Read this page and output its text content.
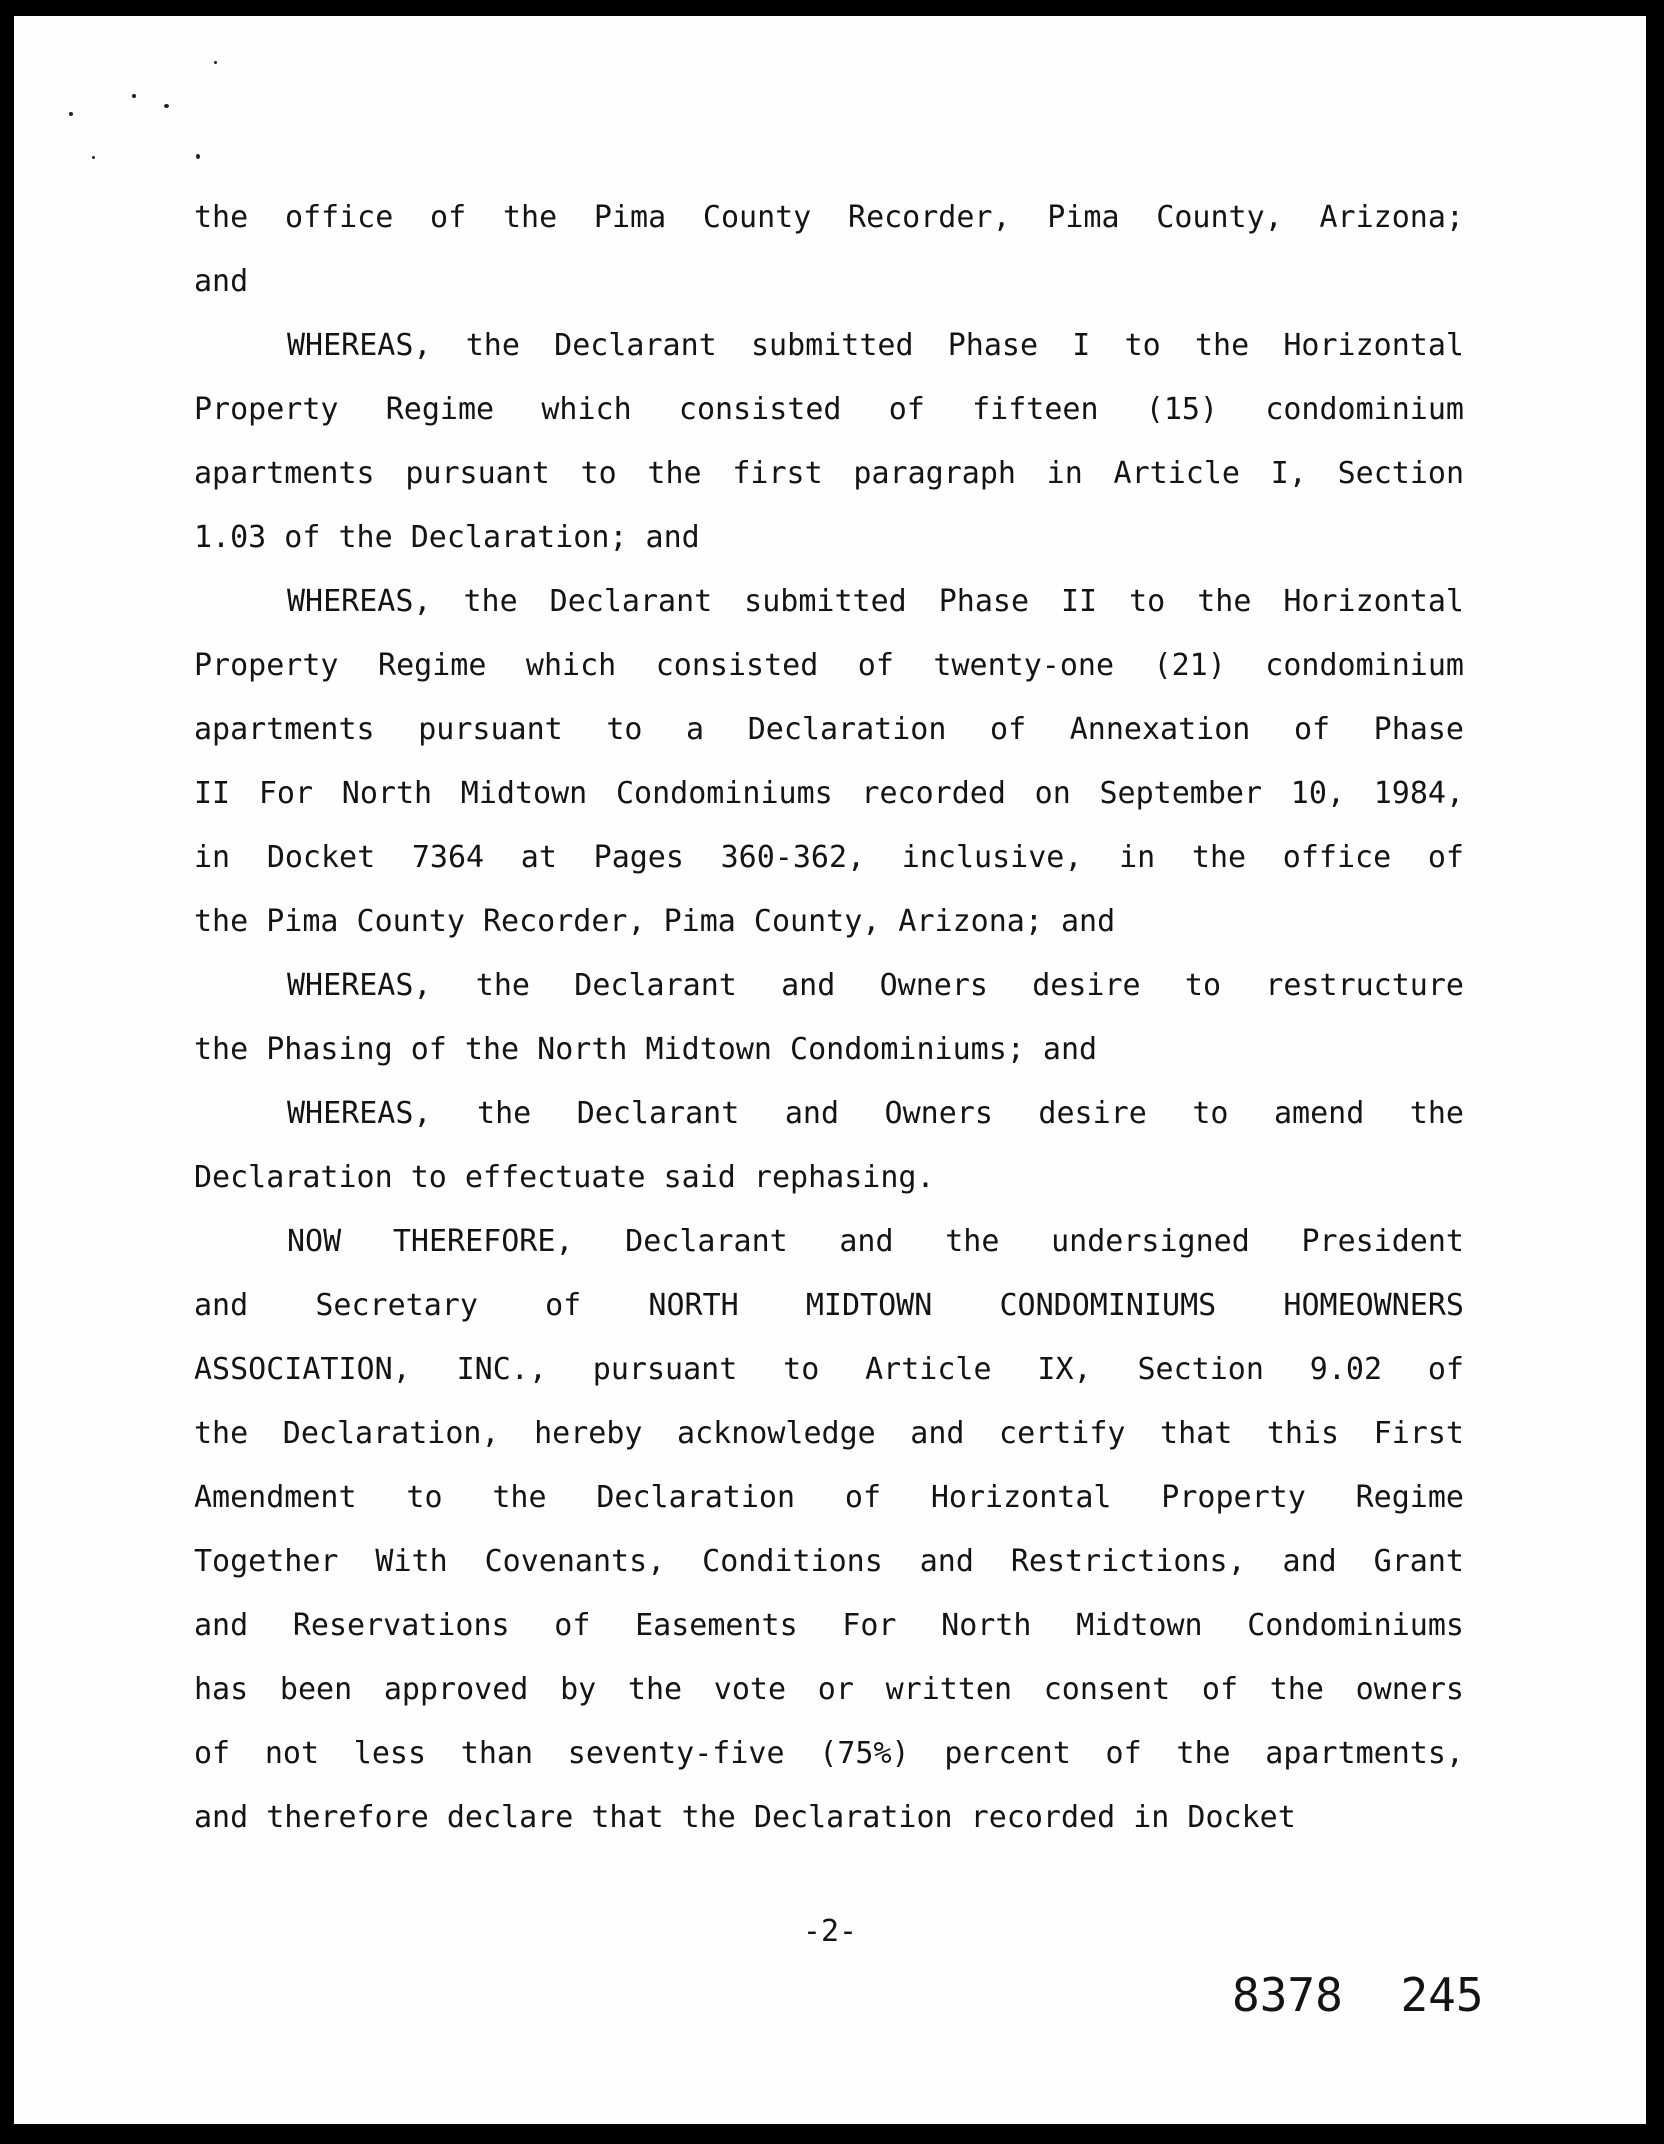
the office of the Pima County Recorder, Pima County, Arizona;
and
WHEREAS, the Declarant submitted Phase I to the Horizontal
Property Regime which consisted of fifteen (15) condominium
apartments pursuant to the first paragraph in Article I, Section
1.03 of the Declaration; and
WHEREAS, the Declarant submitted Phase II to the Horizontal
Property Regime which consisted of twenty-one (21) condominium
apartments pursuant to a Declaration of Annexation of Phase
II For North Midtown Condominiums recorded on September 10, 1984,
in Docket 7364 at Pages 360-362, inclusive, in the office of
the Pima County Recorder, Pima County, Arizona; and
WHEREAS, the Declarant and Owners desire to restructure
the Phasing of the North Midtown Condominiums; and
WHEREAS, the Declarant and Owners desire to amend the
Declaration to effectuate said rephasing.
NOW THEREFORE, Declarant and the undersigned President
and Secretary of NORTH MIDTOWN CONDOMINIUMS HOMEOWNERS
ASSOCIATION, INC., pursuant to Article IX, Section 9.02 of
the Declaration, hereby acknowledge and certify that this First
Amendment to the Declaration of Horizontal Property Regime
Together With Covenants, Conditions and Restrictions, and Grant
and Reservations of Easements For North Midtown Condominiums
has been approved by the vote or written consent of the owners
of not less than seventy-five (75%) percent of the apartments,
and therefore declare that the Declaration recorded in Docket
-2-
8378 245
